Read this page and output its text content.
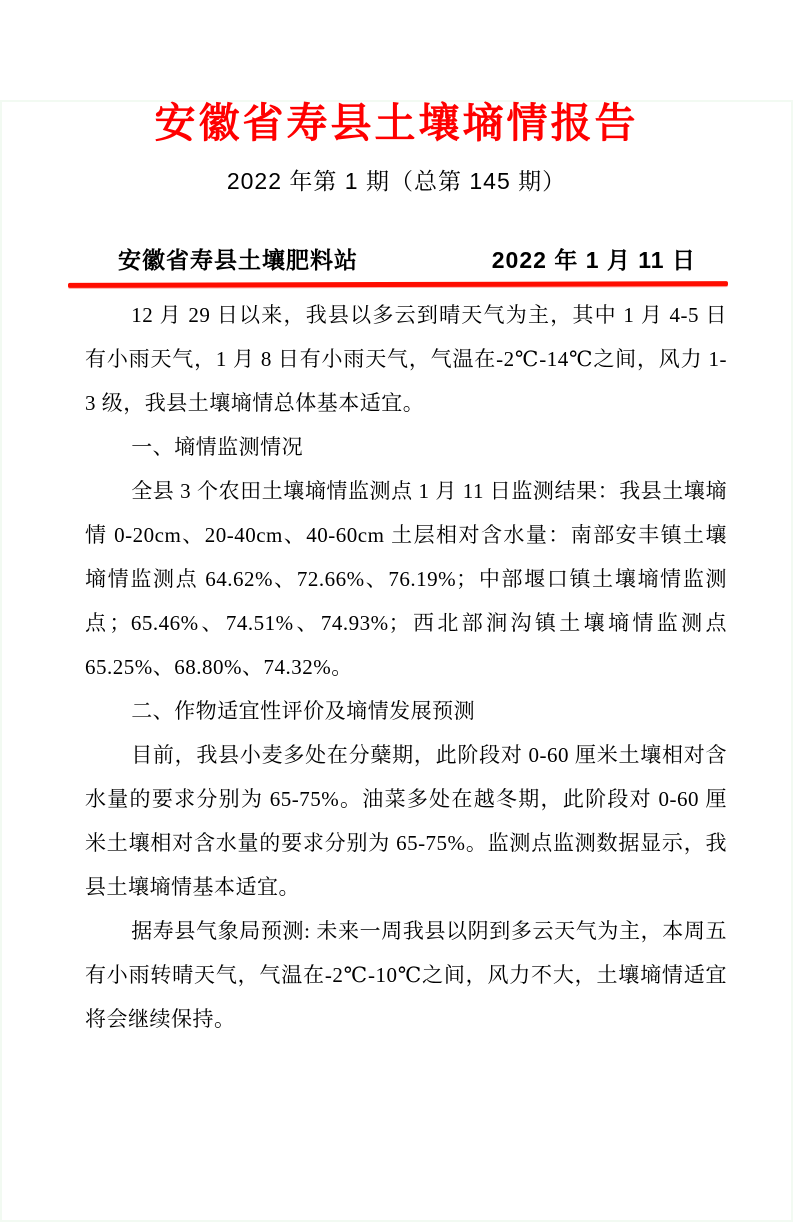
安徽省寿县土壤墒情报告
2022 年第 1 期（总第 145 期）
安徽省寿县土壤肥料站	2022 年 1 月 11 日

12 月 29 日以来，我县以多云到晴天气为主，其中 1 月 4-5 日有小雨天气，1 月 8 日有小雨天气，气温在-2℃-14℃之间，风力 1-3 级，我县土壤墒情总体基本适宜。

一、墒情监测情况

全县 3 个农田土壤墒情监测点 1 月 11 日监测结果：我县土壤墒情 0-20cm、20-40cm、40-60cm 土层相对含水量：南部安丰镇土壤墒情监测点 64.62%、72.66%、76.19%；中部堰口镇土壤墒情监测点；65.46%、74.51%、74.93%；西北部涧沟镇土壤墒情监测点 65.25%、68.80%、74.32%。

二、作物适宜性评价及墒情发展预测

目前，我县小麦多处在分蘖期，此阶段对 0-60 厘米土壤相对含水量的要求分别为 65-75%。油菜多处在越冬期，此阶段对 0-60 厘米土壤相对含水量的要求分别为 65-75%。监测点监测数据显示，我县土壤墒情基本适宜。

据寿县气象局预测: 未来一周我县以阴到多云天气为主，本周五有小雨转晴天气，气温在-2℃-10℃之间，风力不大，土壤墒情适宜将会继续保持。
